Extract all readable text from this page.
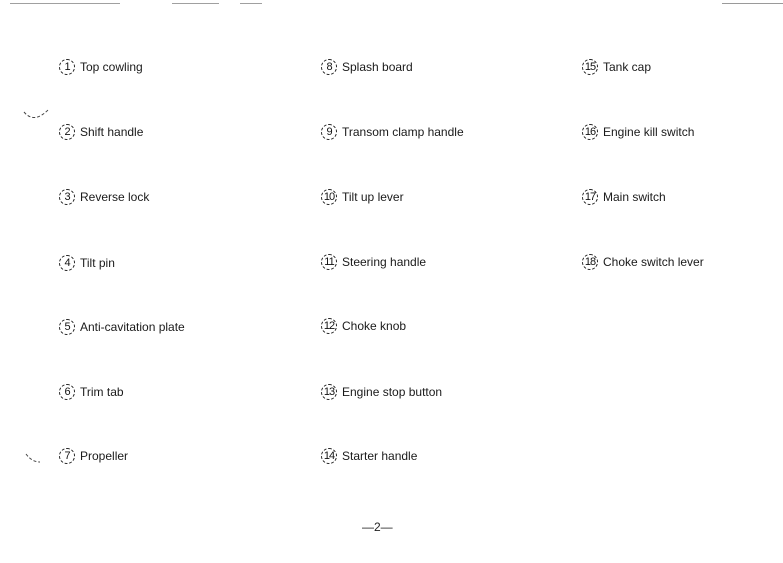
1 Top cowling
2 Shift handle
3 Reverse lock
4 Tilt pin
5 Anti-cavitation plate
6 Trim tab
7 Propeller
8 Splash board
9 Transom clamp handle
10 Tilt up lever
11 Steering handle
12 Choke knob
13 Engine stop button
14 Starter handle
15 Tank cap
16 Engine kill switch
17 Main switch
18 Choke switch lever
—2—
